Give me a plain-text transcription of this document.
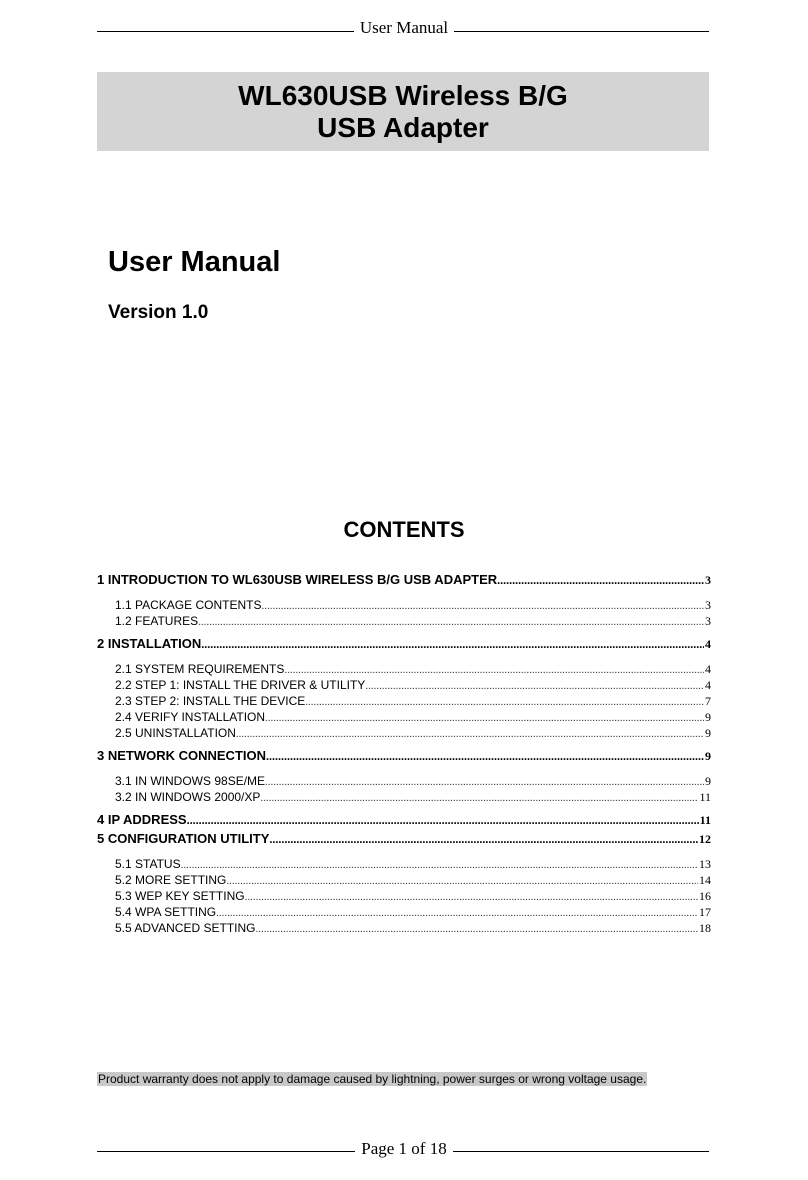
User Manual
WL630USB Wireless B/G
USB Adapter
User Manual
Version 1.0
CONTENTS
1 INTRODUCTION TO WL630USB WIRELESS B/G USB ADAPTER .....	3
1.1 PACKAGE CONTENTS .....	3
1.2 FEATURES .....	3
2 INSTALLATION .....	4
2.1 SYSTEM REQUIREMENTS .....	4
2.2 STEP 1: INSTALL THE DRIVER & UTILITY .....	4
2.3 STEP 2: INSTALL THE DEVICE .....	7
2.4 VERIFY INSTALLATION .....	9
2.5 UNINSTALLATION .....	9
3 NETWORK CONNECTION .....	9
3.1 IN WINDOWS 98SE/ME .....	9
3.2 IN WINDOWS 2000/XP .....	11
4 IP ADDRESS .....	11
5 CONFIGURATION UTILITY .....	12
5.1 STATUS .....	13
5.2 MORE SETTING .....	14
5.3 WEP KEY SETTING .....	16
5.4 WPA SETTING .....	17
5.5 ADVANCED SETTING .....	18
Product warranty does not apply to damage caused by lightning, power surges or wrong voltage usage.
Page 1 of 18
